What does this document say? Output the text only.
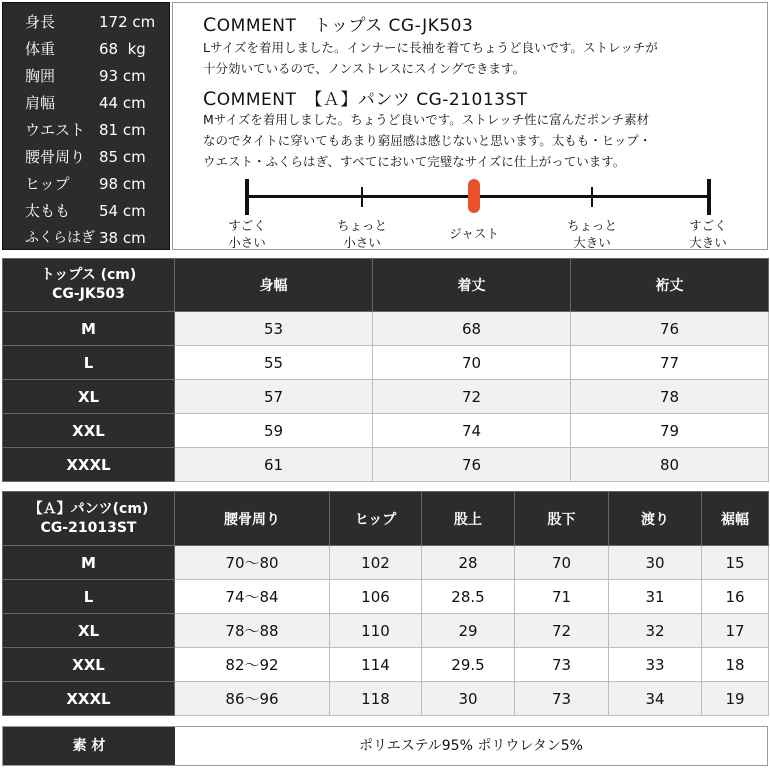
身長	172 cm
体重	68  kg
胸囲	93 cm
肩幅	44 cm
ウエスト 81 cm
腰骨周り 85 cm
ヒップ 98 cm
太もも 54 cm
ふくらはぎ 38 cm
COMMENT　トップス CG-JK503
Lサイズを着用しました。インナーに長袖を着てちょうど良いです。ストレッチが
十分効いているので、ノンストレスにスイングできます。
COMMENT　【Ａ】パンツ CG-21013ST
Mサイズを着用しました。ちょうど良いです。ストレッチ性に富んだポンチ素材
なのでタイトに穿いてもあまり窮屈感は感じないと思います。太もも・ヒップ・
ウエスト・ふくらはぎ、すべてにおいて完璧なサイズに仕上がっています。
すごく
小さい
ちょっと
小さい
ジャスト
ちょっと
大きい
すごく
大きい
トップス (cm)
CG-JK503	身幅	着丈	裄丈
M	53	68	76
L	55	70	77
XL	57	72	78
XXL	59	74	79
XXXL	61	76	80
【Ａ】パンツ(cm)
CG-21013ST	腰骨周り	ヒップ	股上	股下	渡り	裾幅
M	70～80	102	28	70	30	15
L	74～84	106	28.5	71	31	16
XL	78～88	110	29	72	32	17
XXL	82～92	114	29.5	73	33	18
XXXL	86～96	118	30	73	34	19
素 材	ポリエステル95% ポリウレタン5%
